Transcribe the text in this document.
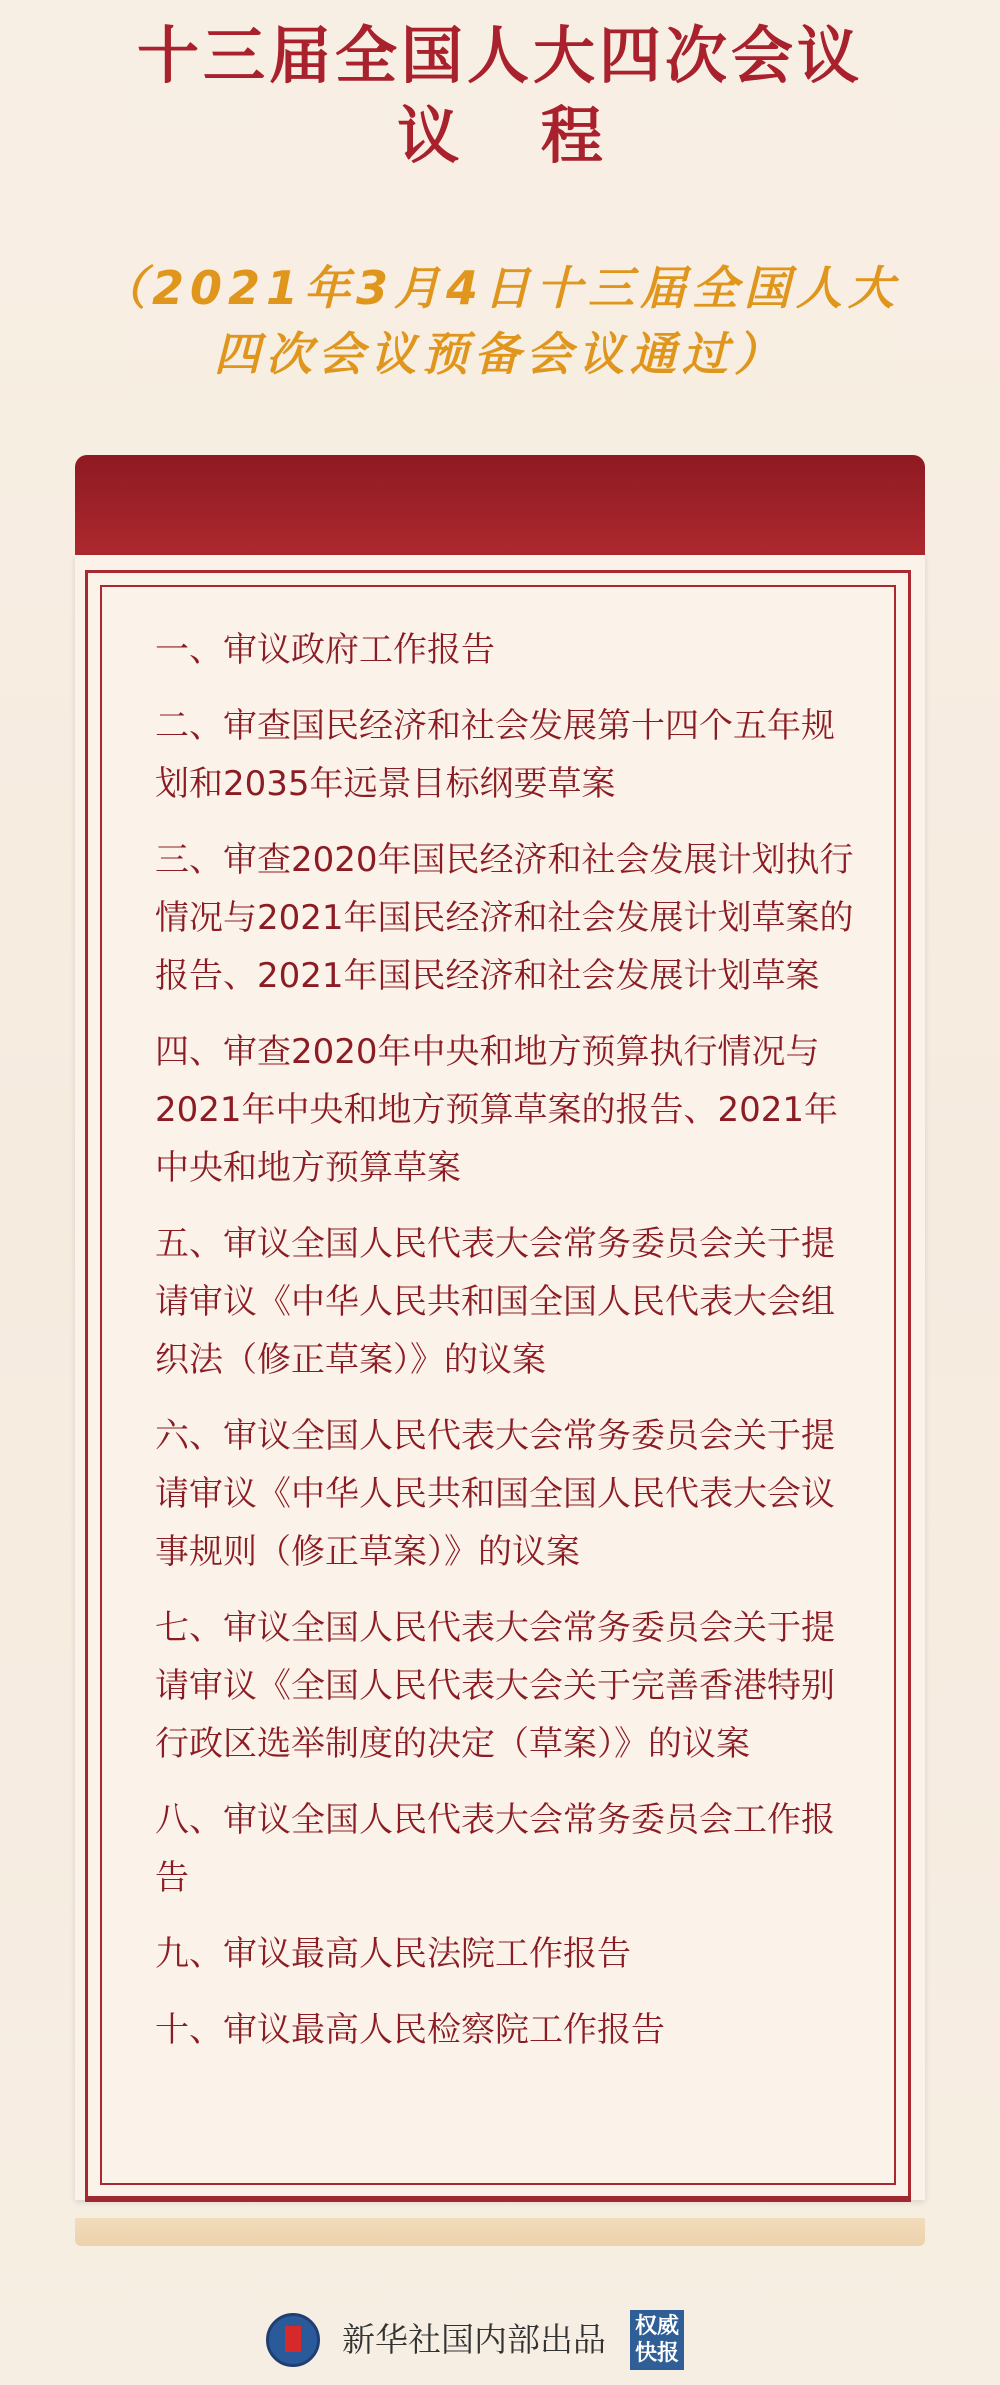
十三届全国人大四次会议
议 程
（2021年3月4日十三届全国人大
四次会议预备会议通过）
一、审议政府工作报告
二、审查国民经济和社会发展第十四个五年规划和2035年远景目标纲要草案
三、审查2020年国民经济和社会发展计划执行情况与2021年国民经济和社会发展计划草案的报告、2021年国民经济和社会发展计划草案
四、审查2020年中央和地方预算执行情况与2021年中央和地方预算草案的报告、2021年中央和地方预算草案
五、审议全国人民代表大会常务委员会关于提请审议《中华人民共和国全国人民代表大会组织法（修正草案）》的议案
六、审议全国人民代表大会常务委员会关于提请审议《中华人民共和国全国人民代表大会议事规则（修正草案）》的议案
七、审议全国人民代表大会常务委员会关于提请审议《全国人民代表大会关于完善香港特别行政区选举制度的决定（草案）》的议案
八、审议全国人民代表大会常务委员会工作报告
九、审议最高人民法院工作报告
十、审议最高人民检察院工作报告
新华社国内部出品 权威
快报
